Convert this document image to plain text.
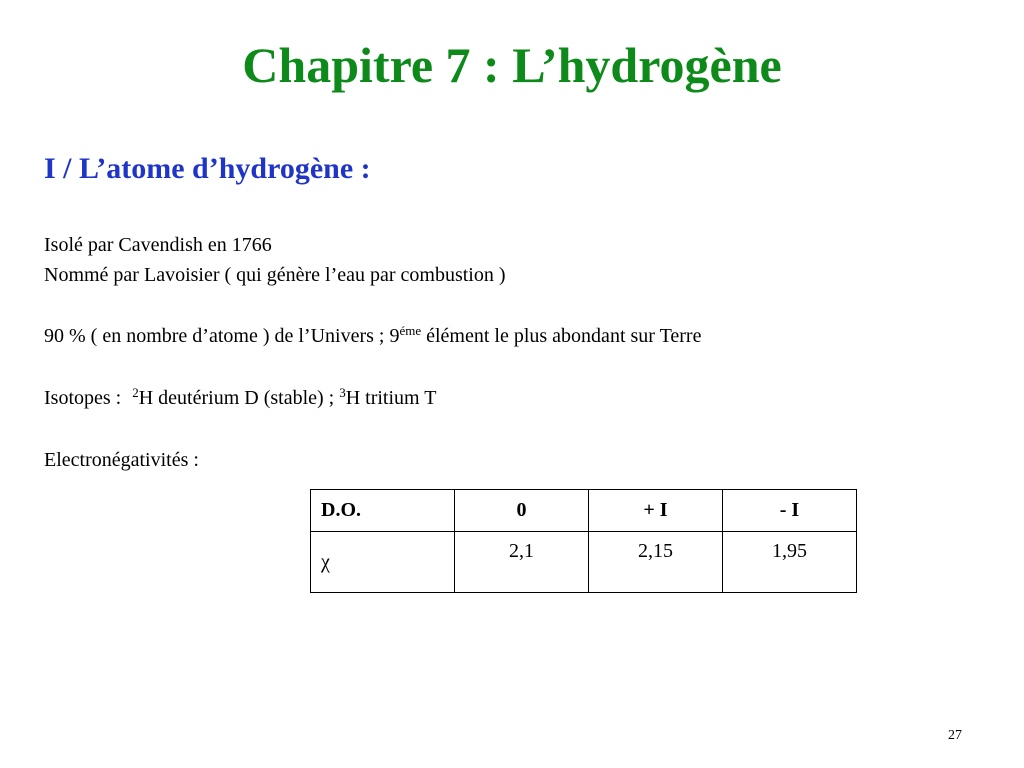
Chapitre 7 : L’hydrogène
I / L’atome d’hydrogène :
Isolé par Cavendish en 1766
Nommé par Lavoisier ( qui génère l’eau par combustion )
90 % ( en nombre d’atome ) de l’Univers ; $9^{éme}$ élément le plus abondant sur Terre
Isotopes : $^2$H deutérium D (stable) ; $^3$H tritium T
Electronégativités :
D.O.	0	+ I	- I
χ	2,1	2,15	1,95
27
